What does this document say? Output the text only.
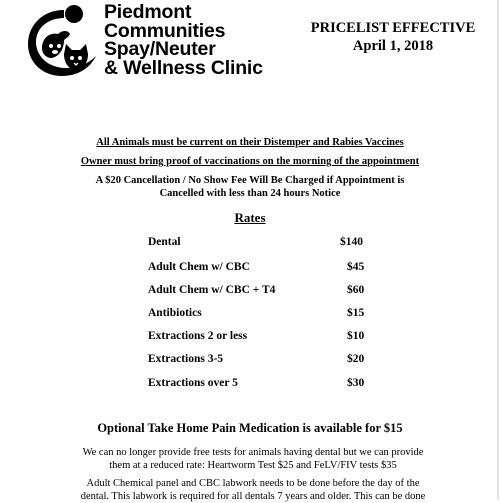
Piedmont
Communities
Spay/Neuter
& Wellness Clinic
PRICELIST EFFECTIVE
April 1, 2018
All Animals must be current on their Distemper and Rabies Vaccines
Owner must bring proof of vaccinations on the morning of the appointment
A $20 Cancellation / No Show Fee Will Be Charged if Appointment is
Cancelled with less than 24 hours Notice
Rates
Dental	$140
Adult Chem w/ CBC	$45
Adult Chem w/ CBC + T4	$60
Antibiotics	$15
Extractions 2 or less	$10
Extractions 3-5	$20
Extractions over 5	$30
Optional Take Home Pain Medication is available for $15
We can no longer provide free tests for animals having dental but we can provide
them at a reduced rate: Heartworm Test $25 and FeLV/FIV tests $35
Adult Chemical panel and CBC labwork needs to be done before the day of the
dental. This labwork is required for all dentals 7 years and older. This can be done
